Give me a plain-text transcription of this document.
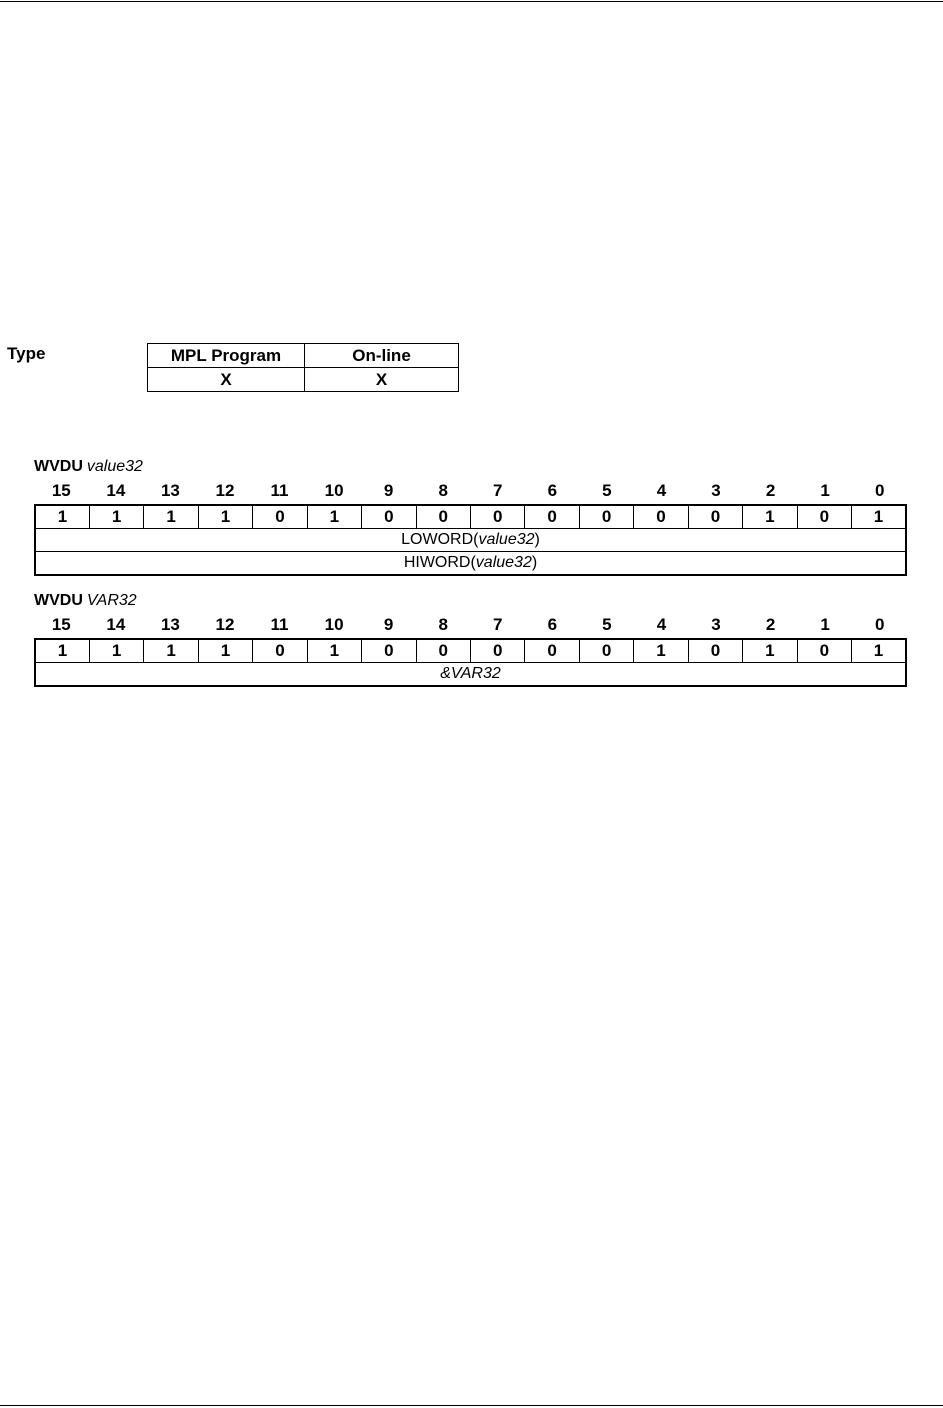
Type	MPL Program	On-line
X	X
WVDU value32
15	14	13	12	11	10	9	8	7	6	5	4	3	2	1	0
1	1	1	1	0	1	0	0	0	0	0	0	0	1	0	1
LOWORD(value32)
HIWORD(value32)
WVDU VAR32
15	14	13	12	11	10	9	8	7	6	5	4	3	2	1	0
1	1	1	1	0	1	0	0	0	0	0	1	0	1	0	1
&VAR32
